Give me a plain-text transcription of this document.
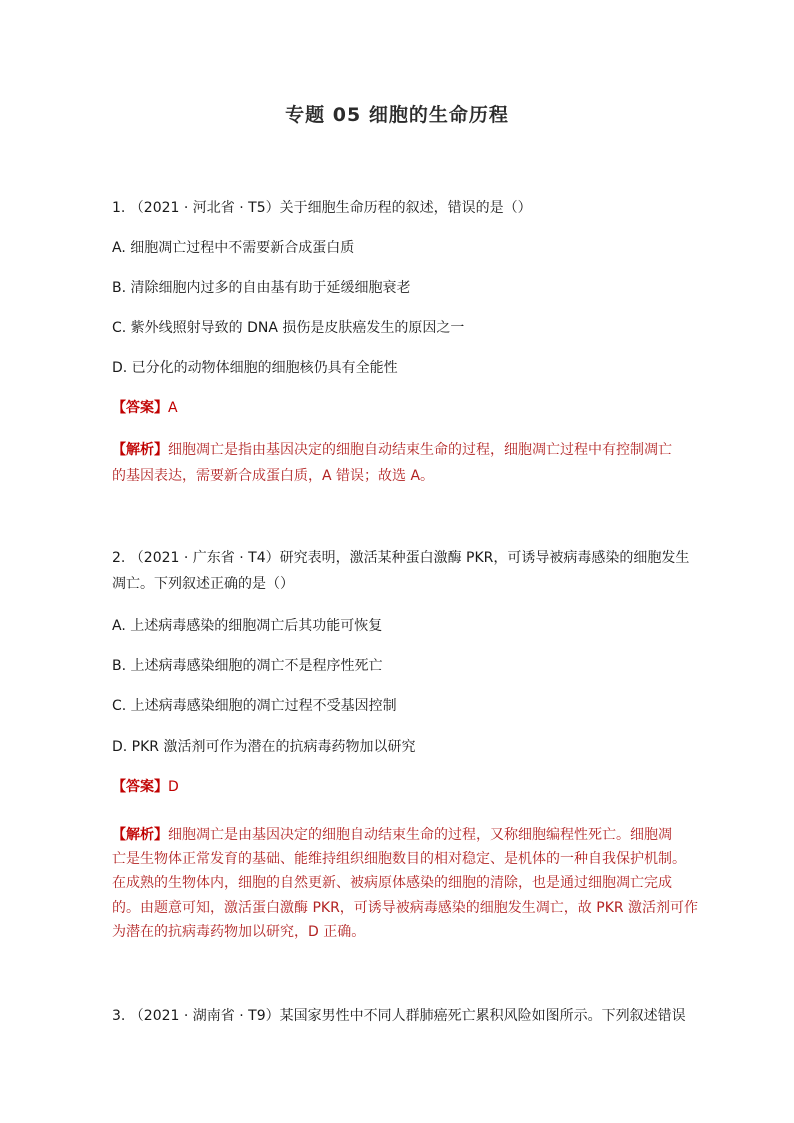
专题 05 细胞的生命历程
1. （2021 · 河北省 · T5）关于细胞生命历程的叙述，错误的是（）
A. 细胞凋亡过程中不需要新合成蛋白质
B. 清除细胞内过多的自由基有助于延缓细胞衰老
C. 紫外线照射导致的 DNA 损伤是皮肤癌发生的原因之一
D. 已分化的动物体细胞的细胞核仍具有全能性
【答案】A
【解析】细胞凋亡是指由基因决定的细胞自动结束生命的过程，细胞凋亡过程中有控制凋亡
的基因表达，需要新合成蛋白质，A 错误；故选 A。
2. （2021 · 广东省 · T4）研究表明，激活某种蛋白激酶 PKR，可诱导被病毒感染的细胞发生
凋亡。下列叙述正确的是（）
A. 上述病毒感染的细胞凋亡后其功能可恢复
B. 上述病毒感染细胞的凋亡不是程序性死亡
C. 上述病毒感染细胞的凋亡过程不受基因控制
D. PKR 激活剂可作为潜在的抗病毒药物加以研究
【答案】D
【解析】细胞凋亡是由基因决定的细胞自动结束生命的过程，又称细胞编程性死亡。细胞凋
亡是生物体正常发育的基础、能维持组织细胞数目的相对稳定、是机体的一种自我保护机制。
在成熟的生物体内，细胞的自然更新、被病原体感染的细胞的清除，也是通过细胞凋亡完成
的。由题意可知，激活蛋白激酶 PKR，可诱导被病毒感染的细胞发生凋亡，故 PKR 激活剂可作
为潜在的抗病毒药物加以研究，D 正确。
3. （2021 · 湖南省 · T9）某国家男性中不同人群肺癌死亡累积风险如图所示。下列叙述错误
